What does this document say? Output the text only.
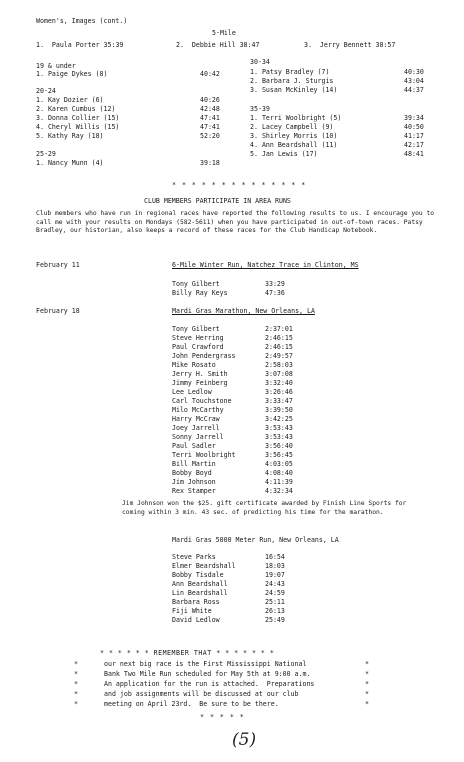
Women's, Images (cont.)
5-Mile
1. Paula Porter 35:39	2. Debbie Hill 38:47	3. Jerry Bennett 38:57
19 & under
1. Paige Dykes (8)	40:42
20-24
1. Kay Dozier (6)	40:26
2. Karen Cumbus (12)	42:48
3. Donna Collier (15)	47:41
4. Cheryl Willis (15)	47:41
5. Kathy Ray (18)	52:20
25-29
1. Nancy Munn (4)	39:18
30-34
1. Patsy Bradley (7)	40:30
2. Barbara J. Sturgis	43:04
3. Susan McKinley (14)	44:37
35-39
1. Terri Woolbright (5)	39:34
2. Lacey Campbell (9)	40:50
3. Shirley Morris (10)	41:17
4. Ann Beardshall (11)	42:17
5. Jan Lewis (17)	48:41
* * * * * * * * * * * * * *
CLUB MEMBERS PARTICIPATE IN AREA RUNS
Club members who have run in regional races have reported the following results to us. I encourage you to call me with your results on Mondays (582-5611) when you have participated in out-of-town races. Patsy Bradley, our historian, also keeps a record of these races for the Club Handicap Notebook.
February 11	6-Mile Winter Run, Natchez Trace in Clinton, MS
Tony Gilbert	33:29
Billy Ray Keys	47:36
February 18	Mardi Gras Marathon, New Orleans, LA
Tony Gilbert	2:37:01
Steve Herring	2:46:15
Paul Crawford	2:46:15
John Pendergrass	2:49:57
Mike Rosato	2:58:03
Jerry H. Smith	3:07:08
Jimmy Feinberg	3:32:40
Lee Ledlow	3:26:46
Carl Touchstone	3:33:47
Milo McCarthy	3:39:50
Harry McCraw	3:42:25
Joey Jarrell	3:53:43
Sonny Jarrell	3:53:43
Paul Sadler	3:56:40
Terri Woolbright	3:56:45
Bill Martin	4:03:05
Bobby Boyd	4:08:40
Jim Johnson	4:11:39
Rex Stamper	4:32:34
Jim Johnson won the $25. gift certificate awarded by Finish Line Sports for coming within 3 min. 43 sec. of predicting his time for the marathon.
Mardi Gras 5000 Meter Run, New Orleans, LA
Steve Parks	16:54
Elmer Beardshall	18:03
Bobby Tisdale	19:07
Ann Beardshall	24:43
Lin Beardshall	24:59
Barbara Ross	25:11
Fiji White	26:13
David Ledlow	25:49
* * * * * * REMEMBER THAT * * * * * * *
*	our next big race is the First Mississippi National	*
*	Bank Two Mile Run scheduled for May 5th at 9:00 a.m.	*
*	An application for the run is attached.  Preparations	*
*	and job assignments will be discussed at our club	*
*	meeting on April 23rd.  Be sure to be there.	*
* * * * *
(5)
